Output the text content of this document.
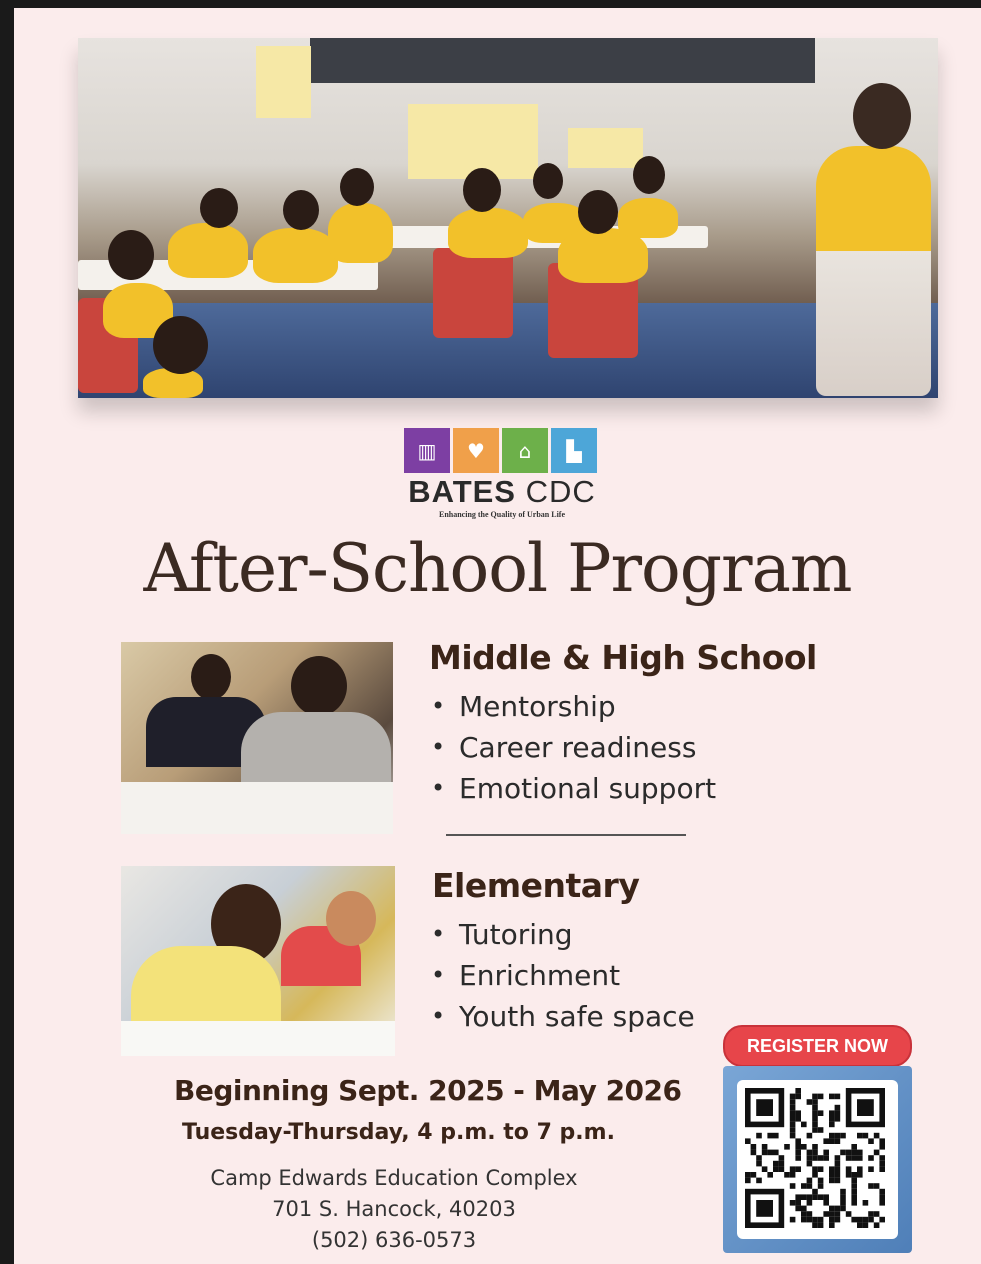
▥	♥	⌂	▙
BATES CDC
Enhancing the Quality of Urban Life
After-School Program
Middle & High School
• Mentorship
• Career readiness
• Emotional support
Elementary
• Tutoring
• Enrichment
• Youth safe space
Beginning Sept. 2025 - May 2026
Tuesday-Thursday, 4 p.m. to 7 p.m.
Camp Edwards Education Complex
701 S. Hancock, 40203
(502) 636-0573
REGISTER NOW
